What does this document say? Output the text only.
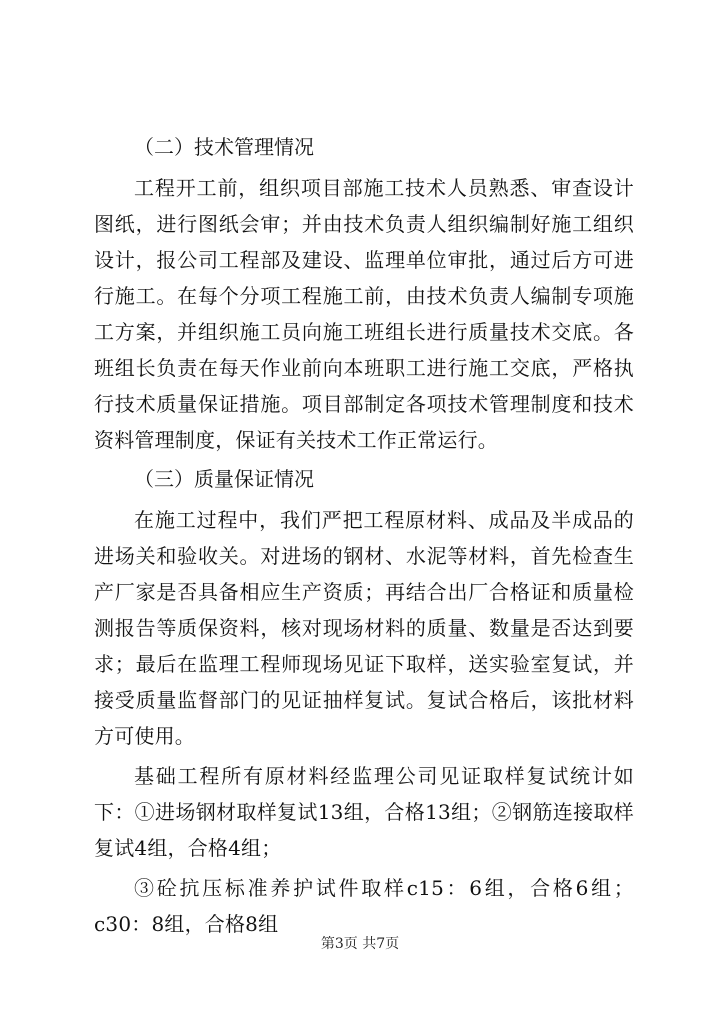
（二）技术管理情况

工程开工前，组织项目部施工技术人员熟悉、审查设计图纸，进行图纸会审；并由技术负责人组织编制好施工组织设计，报公司工程部及建设、监理单位审批，通过后方可进行施工。在每个分项工程施工前，由技术负责人编制专项施工方案，并组织施工员向施工班组长进行质量技术交底。各班组长负责在每天作业前向本班职工进行施工交底，严格执行技术质量保证措施。项目部制定各项技术管理制度和技术资料管理制度，保证有关技术工作正常运行。

（三）质量保证情况

在施工过程中，我们严把工程原材料、成品及半成品的进场关和验收关。对进场的钢材、水泥等材料，首先检查生产厂家是否具备相应生产资质；再结合出厂合格证和质量检测报告等质保资料，核对现场材料的质量、数量是否达到要求；最后在监理工程师现场见证下取样，送实验室复试，并接受质量监督部门的见证抽样复试。复试合格后，该批材料方可使用。

基础工程所有原材料经监理公司见证取样复试统计如下：①进场钢材取样复试13组，合格13组；②钢筋连接取样复试4组，合格4组；

③砼抗压标准养护试件取样c15：6组，合格6组；c30：8组，合格8组

第3页 共7页
